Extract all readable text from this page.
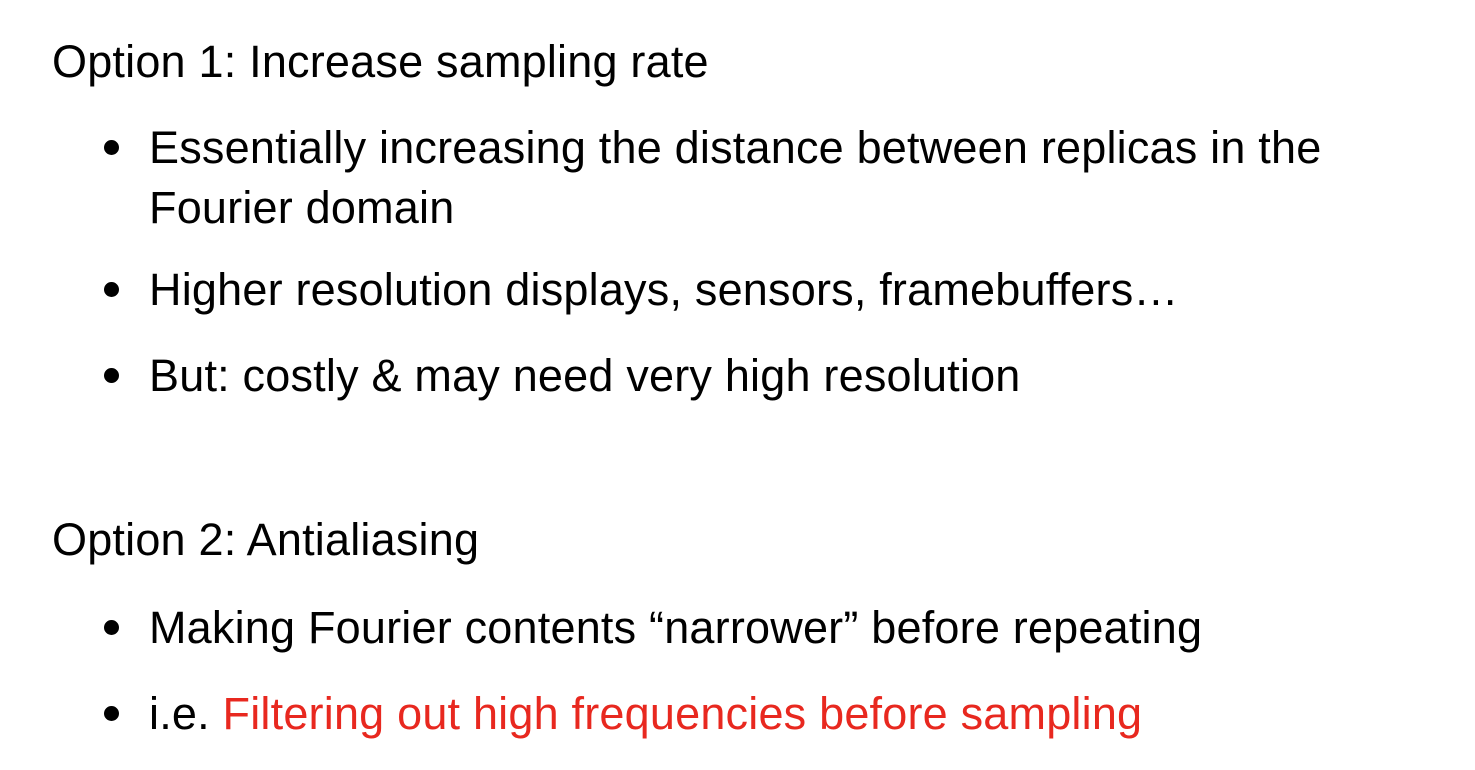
Option 1: Increase sampling rate
Essentially increasing the distance between replicas in the Fourier domain
Higher resolution displays, sensors, framebuffers…
But: costly & may need very high resolution
Option 2: Antialiasing
Making Fourier contents “narrower” before repeating
i.e. Filtering out high frequencies before sampling
